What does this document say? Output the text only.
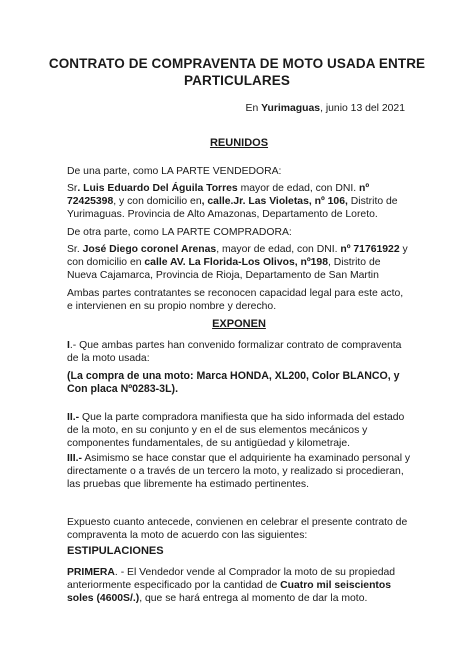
CONTRATO DE COMPRAVENTA DE MOTO USADA ENTRE
PARTICULARES
En Yurimaguas, junio 13 del 2021
REUNIDOS
De una parte, como LA PARTE VENDEDORA:
Sr. Luis Eduardo Del Águila Torres mayor de edad, con DNI. nº 72425398, y con domicilio en, calle.Jr. Las Violetas, nº 106, Distrito de Yurimaguas. Provincia de Alto Amazonas, Departamento de Loreto.
De otra parte, como LA PARTE COMPRADORA:
Sr. José Diego coronel Arenas, mayor de edad, con DNI. nº 71761922 y con domicilio en calle AV. La Florida-Los Olivos, nº198, Distrito de Nueva Cajamarca, Provincia de Rioja, Departamento de San Martin
Ambas partes contratantes se reconocen capacidad legal para este acto, e intervienen en su propio nombre y derecho.
EXPONEN
I.- Que ambas partes han convenido formalizar contrato de compraventa de la moto usada:
(La compra de una moto: Marca HONDA, XL200, Color BLANCO, y Con placa Nº0283-3L).
II.- Que la parte compradora manifiesta que ha sido informada del estado de la moto, en su conjunto y en el de sus elementos mecánicos y componentes fundamentales, de su antigüedad y kilometraje.
III.- Asimismo se hace constar que el adquiriente ha examinado personal y directamente o a través de un tercero la moto, y realizado si procedieran, las pruebas que libremente ha estimado pertinentes.
Expuesto cuanto antecede, convienen en celebrar el presente contrato de compraventa la moto de acuerdo con las siguientes:
ESTIPULACIONES
PRIMERA. - El Vendedor vende al Comprador la moto de su propiedad anteriormente especificado por la cantidad de Cuatro mil seiscientos soles (4600S/.), que se hará entrega al momento de dar la moto.
